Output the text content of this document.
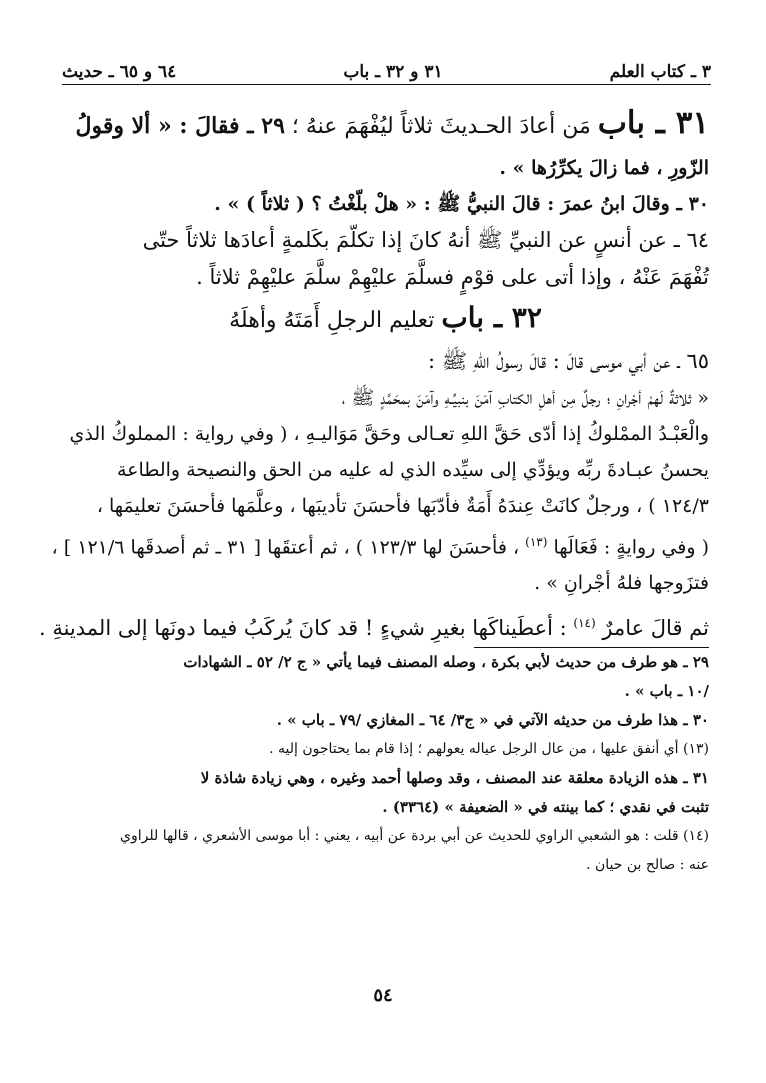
٣ ـ كتاب العلم
٣١ و ٣٢ ـ باب
٦٤ و ٦٥ ـ حديث
٣١ ـ باب مَن أعادَ الحـديثَ ثلاثاً ليُفْهَمَ عنهُ ؛ ٢٩ ـ فقالَ : « ألا وقولُ
الزّورِ ، فما زالَ يكرِّرُها » .
٣٠ ـ وقالَ ابنُ عمرَ : قالَ النبيُّ ﷺ : « هلْ بلّغْتُ ؟ ( ثلاثاً ) » .
٦٤ ـ عن أنسٍ عن النبيِّ ﷺ أنهُ كانَ إذا تكلّمَ بكَلمةٍ أعادَها ثلاثاً حتّى
تُفْهَمَ عَنْهُ ، وإذا أتى على قوْمٍ فسلَّمَ عليْهِمْ سلَّمَ عليْهِمْ ثلاثاً .
٣٢ ـ باب تعليم الرجلِ أَمَتَهُ وأهلَهُ
٦٥ ـ عن أبي موسى قالَ : قالَ رسولُ اللهِ ﷺ :
« ثلاثةٌ لَهمْ أجْرانِ ؛ رجلٌ مِن أهلِ الكتابِ آمَنَ بنبيِّـهِ وآمَنَ بمحَمَّدٍ ﷺ ،
والْعَبْـدُ الممْلوكُ إذا أدّى حَقَّ اللهِ تعـالى وحَقَّ مَوَاليـهِ ، ( وفي رواية : المملوكُ الذي
يحسنُ عبـادةَ ربِّه ويؤدِّي إلى سيِّده الذي له عليه من الحق والنصيحة والطاعة
١٢٤/٣ ) ، ورجلٌ كانَتْ عِندَهُ أَمَةٌ فأدّبَها فأحسَنَ تأديبَها ، وعلَّمَها فأحسَنَ تعليمَها ،
( وفي روايةٍ : فَعَالَها $^{(١٣)}$ ، فأحسَنَ لها ١٢٣/٣ ) ، ثم أعتقَها [ ٣١ ـ ثم أصدقَها ١٢١/٦ ] ،
فتزَوجها فلهُ أجْرانِ » .
ثم قالَ عامرٌ $^{(١٤)}$ : أعطَيناكَها بغيرِ شيءٍ ! قد كانَ يُركَبُ فيما دونَها إلى المدينةِ .
٢٩ ـ هو طرف من حديث لأبي بكرة ، وصله المصنف فيما يأتي « ج ٢/ ٥٢ ـ الشهادات
/١٠ ـ باب » .
٣٠ ـ هذا طرف من حديثه الآتي في « ج٣/ ٦٤ ـ المغازي /٧٩ ـ باب » .
(١٣) أي أنفق عليها ، من عال الرجل عياله يعولهم ؛ إذا قام بما يحتاجون إليه .
٣١ ـ هذه الزيادة معلقة عند المصنف ، وقد وصلها أحمد وغيره ، وهي زيادة شاذة لا
تثبت في نقدي ؛ كما بينته في « الضعيفة » (٣٣٦٤) .
(١٤) قلت : هو الشعبي الراوي للحديث عن أبي بردة عن أبيه ، يعني : أبا موسى الأشعري ، قالها للراوي
عنه : صالح بن حيان .
٥٤
